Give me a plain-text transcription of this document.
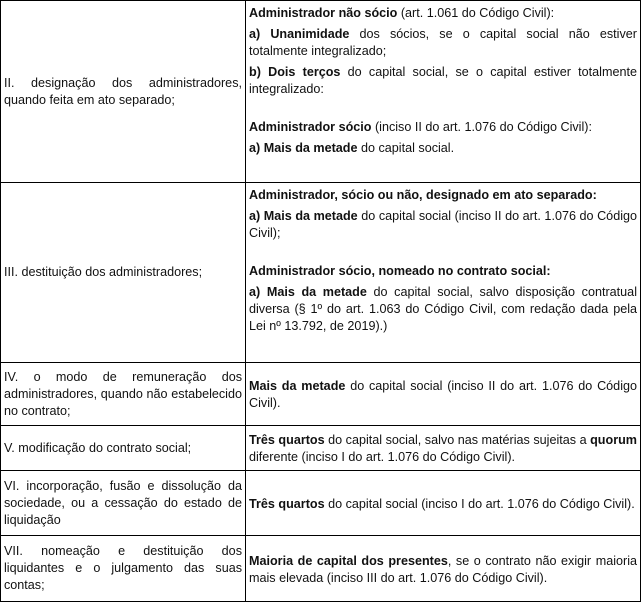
II. designação dos administradores, quando feita em ato separado;	Administrador não sócio (art. 1.061 do Código Civil):

a) Unanimidade dos sócios, se o capital social não estiver totalmente integralizado;

b) Dois terços do capital social, se o capital estiver totalmente integralizado:

Administrador sócio (inciso II do art. 1.076 do Código Civil):

a) Mais da metade do capital social.

III. destituição dos administradores;	Administrador, sócio ou não, designado em ato separado:

a) Mais da metade do capital social (inciso II do art. 1.076 do Código Civil);

Administrador sócio, nomeado no contrato social:

a) Mais da metade do capital social, salvo disposição contratual diversa (§ 1º do art. 1.063 do Código Civil, com redação dada pela Lei nº 13.792, de 2019).)

IV. o modo de remuneração dos administradores, quando não estabelecido no contrato;	Mais da metade do capital social (inciso II do art. 1.076 do Código Civil).

V. modificação do contrato social;	Três quartos do capital social, salvo nas matérias sujeitas a quorum diferente (inciso I do art. 1.076 do Código Civil).

VI. incorporação, fusão e dissolução da sociedade, ou a cessação do estado de liquidação	Três quartos do capital social (inciso I do art. 1.076 do Código Civil).

VII. nomeação e destituição dos liquidantes e o julgamento das suas contas;	Maioria de capital dos presentes, se o contrato não exigir maioria mais elevada (inciso III do art. 1.076 do Código Civil).
